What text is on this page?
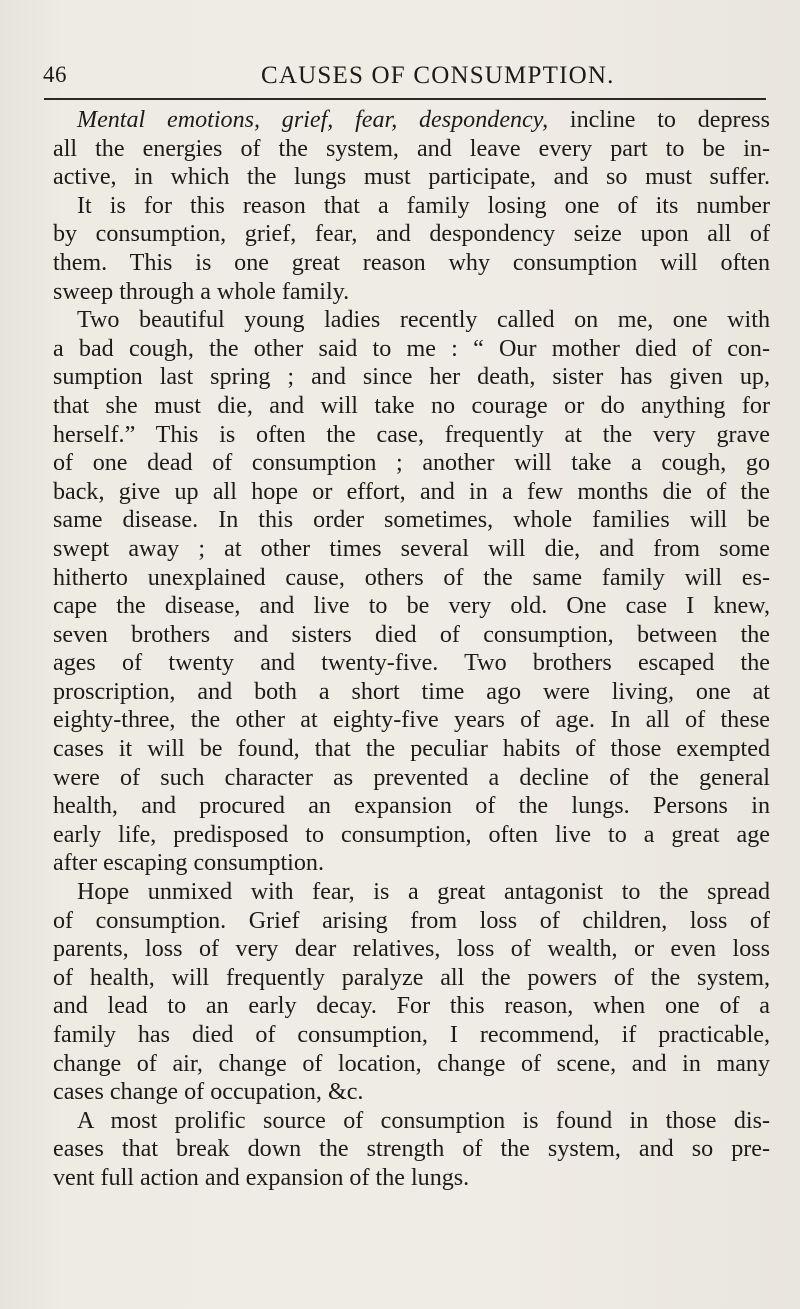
46	CAUSES OF CONSUMPTION.
Mental emotions, grief, fear, despondency, incline to depress
all the energies of the system, and leave every part to be in-
active, in which the lungs must participate, and so must suffer.
It is for this reason that a family losing one of its number
by consumption, grief, fear, and despondency seize upon all of
them. This is one great reason why consumption will often
sweep through a whole family.
Two beautiful young ladies recently called on me, one with
a bad cough, the other said to me : “ Our mother died of con-
sumption last spring ; and since her death, sister has given up,
that she must die, and will take no courage or do anything for
herself.” This is often the case, frequently at the very grave
of one dead of consumption ; another will take a cough, go
back, give up all hope or effort, and in a few months die of the
same disease. In this order sometimes, whole families will be
swept away ; at other times several will die, and from some
hitherto unexplained cause, others of the same family will es-
cape the disease, and live to be very old. One case I knew,
seven brothers and sisters died of consumption, between the
ages of twenty and twenty-five. Two brothers escaped the
proscription, and both a short time ago were living, one at
eighty-three, the other at eighty-five years of age. In all of these
cases it will be found, that the peculiar habits of those exempted
were of such character as prevented a decline of the general
health, and procured an expansion of the lungs. Persons in
early life, predisposed to consumption, often live to a great age
after escaping consumption.
Hope unmixed with fear, is a great antagonist to the spread
of consumption. Grief arising from loss of children, loss of
parents, loss of very dear relatives, loss of wealth, or even loss
of health, will frequently paralyze all the powers of the system,
and lead to an early decay. For this reason, when one of a
family has died of consumption, I recommend, if practicable,
change of air, change of location, change of scene, and in many
cases change of occupation, &c.
A most prolific source of consumption is found in those dis-
eases that break down the strength of the system, and so pre-
vent full action and expansion of the lungs.
